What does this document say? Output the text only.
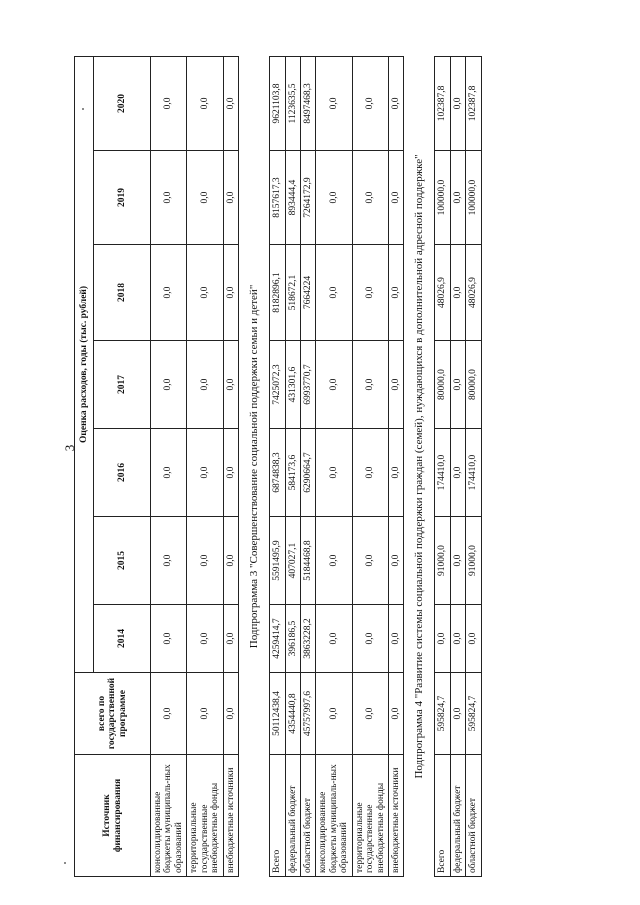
3
Источник финансирования	всего по государственной программе	Оценка расходов, годы (тыс. рублей)						
		2014	2015	2016	2017	2018	2019	2020
консолидированные бюджеты муниципаль-ных образований	0,0	0,0	0,0	0,0	0,0	0,0	0,0	0,0
территориальные государственные внебюджетные фонды	0,0	0,0	0,0	0,0	0,0	0,0	0,0	0,0
внебюджетные источники	0,0	0,0	0,0	0,0	0,0	0,0	0,0	0,0
Подпрограмма 3 "Совершенствование социальной поддержки семьи и детей"								
Всего	50112438,4	4259414,7	5591495,9	6874838,3	7425072,3	8182896,1	8157617,3	9621103,8
федеральный бюджет	4354440,8	396186,5	407027,1	584173,6	431301,6	518672,1	893444,4	1123635,5
областной бюджет	45757997,6	3863228,2	5184468,8	6290664,7	6993770,7	7664224	7264172,9	8497468,3
консолидированные бюджеты муниципаль-ных образований	0,0	0,0	0,0	0,0	0,0	0,0	0,0	0,0
территориальные государственные внебюджетные фонды	0,0	0,0	0,0	0,0	0,0	0,0	0,0	0,0
внебюджетные источники	0,0	0,0	0,0	0,0	0,0	0,0	0,0	0,0
Подпрограмма 4 "Развитие системы социальной поддержки граждан (семей), нуждающихся в дополнительной адресной поддержке"								
Всего	595824,7	0,0	91000,0	174410,0	80000,0	48026,9	100000,0	102387,8
федеральный бюджет	0,0	0,0	0,0	0,0	0,0	0,0	0,0	0,0
областной бюджет	595824,7	0,0	91000,0	174410,0	80000,0	48026,9	100000,0	102387,8
